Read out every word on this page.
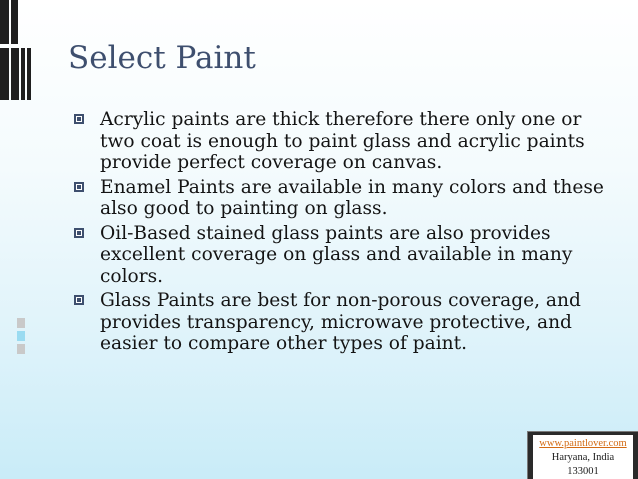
Select Paint
Acrylic paints are thick therefore there only one or two coat is enough to paint glass and acrylic paints provide perfect coverage on canvas.
Enamel Paints are available in many colors and these also good to painting on glass.
Oil-Based stained glass paints are also provides excellent coverage on glass and available in many colors.
Glass Paints are best for non-porous coverage, and provides transparency, microwave protective, and easier to compare other types of paint.
www.paintlover.com
Haryana, India
133001
